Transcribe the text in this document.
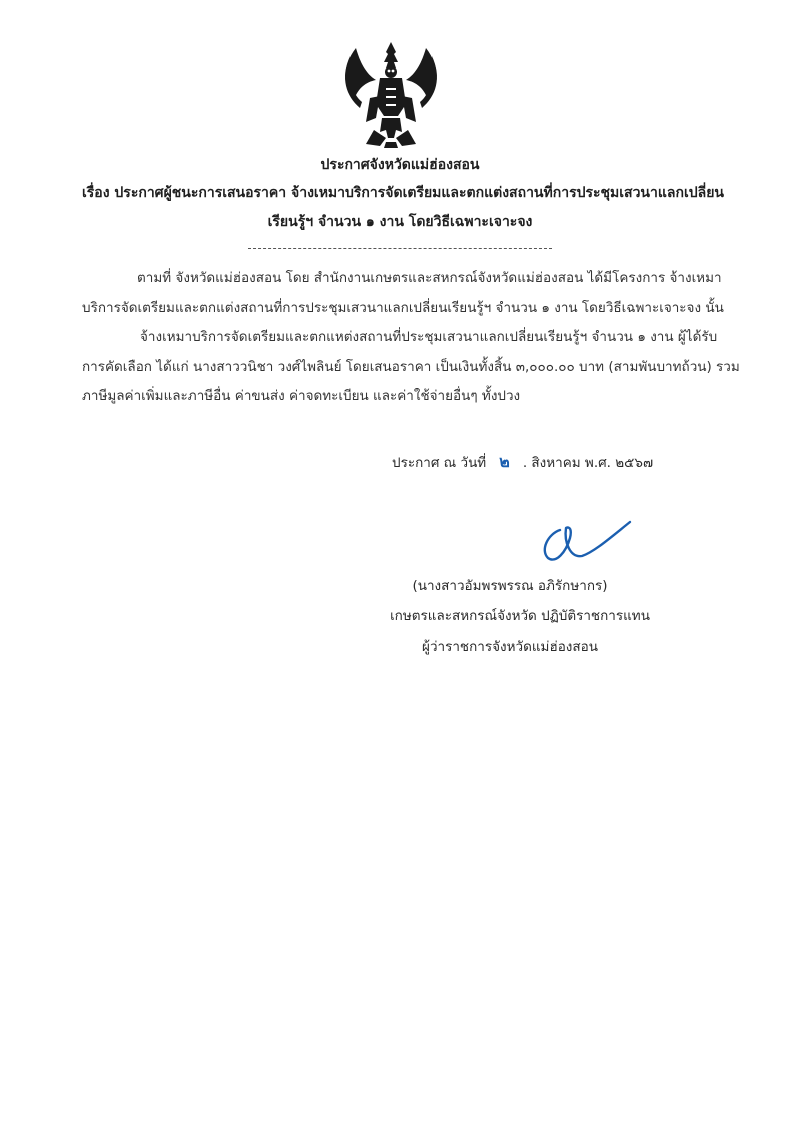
ประกาศจังหวัดแม่ฮ่องสอน
เรื่อง ประกาศผู้ชนะการเสนอราคา จ้างเหมาบริการจัดเตรียมและตกแต่งสถานที่การประชุมเสวนาแลกเปลี่ยน
เรียนรู้ฯ จำนวน ๑ งาน โดยวิธีเฉพาะเจาะจง
ตามที่ จังหวัดแม่ฮ่องสอน โดย สำนักงานเกษตรและสหกรณ์จังหวัดแม่ฮ่องสอน ได้มีโครงการ จ้างเหมา
บริการจัดเตรียมและตกแต่งสถานที่การประชุมเสวนาแลกเปลี่ยนเรียนรู้ฯ จำนวน ๑ งาน โดยวิธีเฉพาะเจาะจง นั้น
จ้างเหมาบริการจัดเตรียมและตกแหต่งสถานที่ประชุมเสวนาแลกเปลี่ยนเรียนรู้ฯ จำนวน ๑ งาน ผู้ได้รับ
การคัดเลือก ได้แก่ นางสาววนิชา วงศ์ไพลินย์ โดยเสนอราคา เป็นเงินทั้งสิ้น ๓,๐๐๐.๐๐ บาท (สามพันบาทถ้วน) รวม
ภาษีมูลค่าเพิ่มและภาษีอื่น ค่าขนส่ง ค่าจดทะเบียน และค่าใช้จ่ายอื่นๆ ทั้งปวง
ประกาศ ณ วันที่ ๒ . สิงหาคม พ.ศ. ๒๕๖๗
(นางสาวอัมพรพรรณ อภิรักษากร)
เกษตรและสหกรณ์จังหวัด ปฏิบัติราชการแทน
ผู้ว่าราชการจังหวัดแม่ฮ่องสอน
